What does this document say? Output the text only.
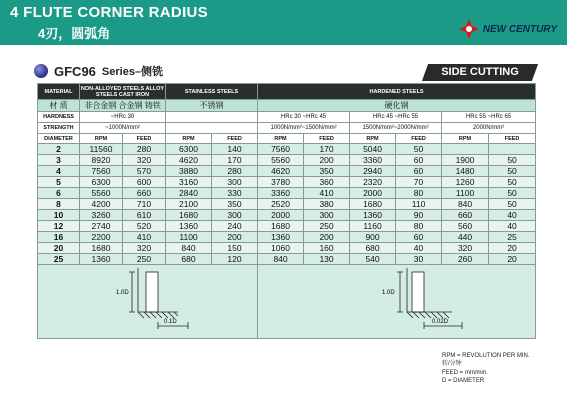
4 FLUTE CORNER RADIUS
4刃，圆弧角	NEW CENTURY
GFC96 Series–侧铣	SIDE CUTTING
MATERIAL	NON-ALLOYED STEELS ALLOY STEELS CAST IRON		STAINLESS STEELS		HARDENED STEELS					
材 质	非合金钢 合金钢 铸铁		不锈钢		硬化钢					
HARDNESS	~HRc 30				HRc 30 ~HRc 45		HRc 45 ~HRc 55		HRc 55 ~HRc 65	
STRENGTH	~1000N/mm²				1000N/mm²~1500N/mm²		1500N/mm²~2000N/mm²		2000N/mm²	
DIAMETER	RPM	FEED	RPM	FEED	RPM	FEED	RPM	FEED	RPM	FEED
2	11560	280	6300	140	7560	170	5040	50		
3	8920	320	4620	170	5560	200	3360	60	1900	50
4	7560	570	3880	280	4620	350	2940	60	1480	50
5	6300	600	3160	300	3780	360	2320	70	1260	50
6	5560	660	2840	330	3360	410	2000	80	1100	50
8	4200	710	2100	350	2520	380	1680	110	840	50
10	3260	610	1680	300	2000	300	1360	90	660	40
12	2740	520	1360	240	1680	250	1160	80	560	40
16	2200	410	1100	200	1360	200	900	60	440	25
20	1680	320	840	150	1060	160	680	40	320	20
25	1360	250	680	120	840	130	540	30	260	20

1.0D
0.1D					1.0D
0.02D					
RPM = REVOLUTION PER MIN.
转/分钟
FEED = mm/min.
D = DIAMETER
